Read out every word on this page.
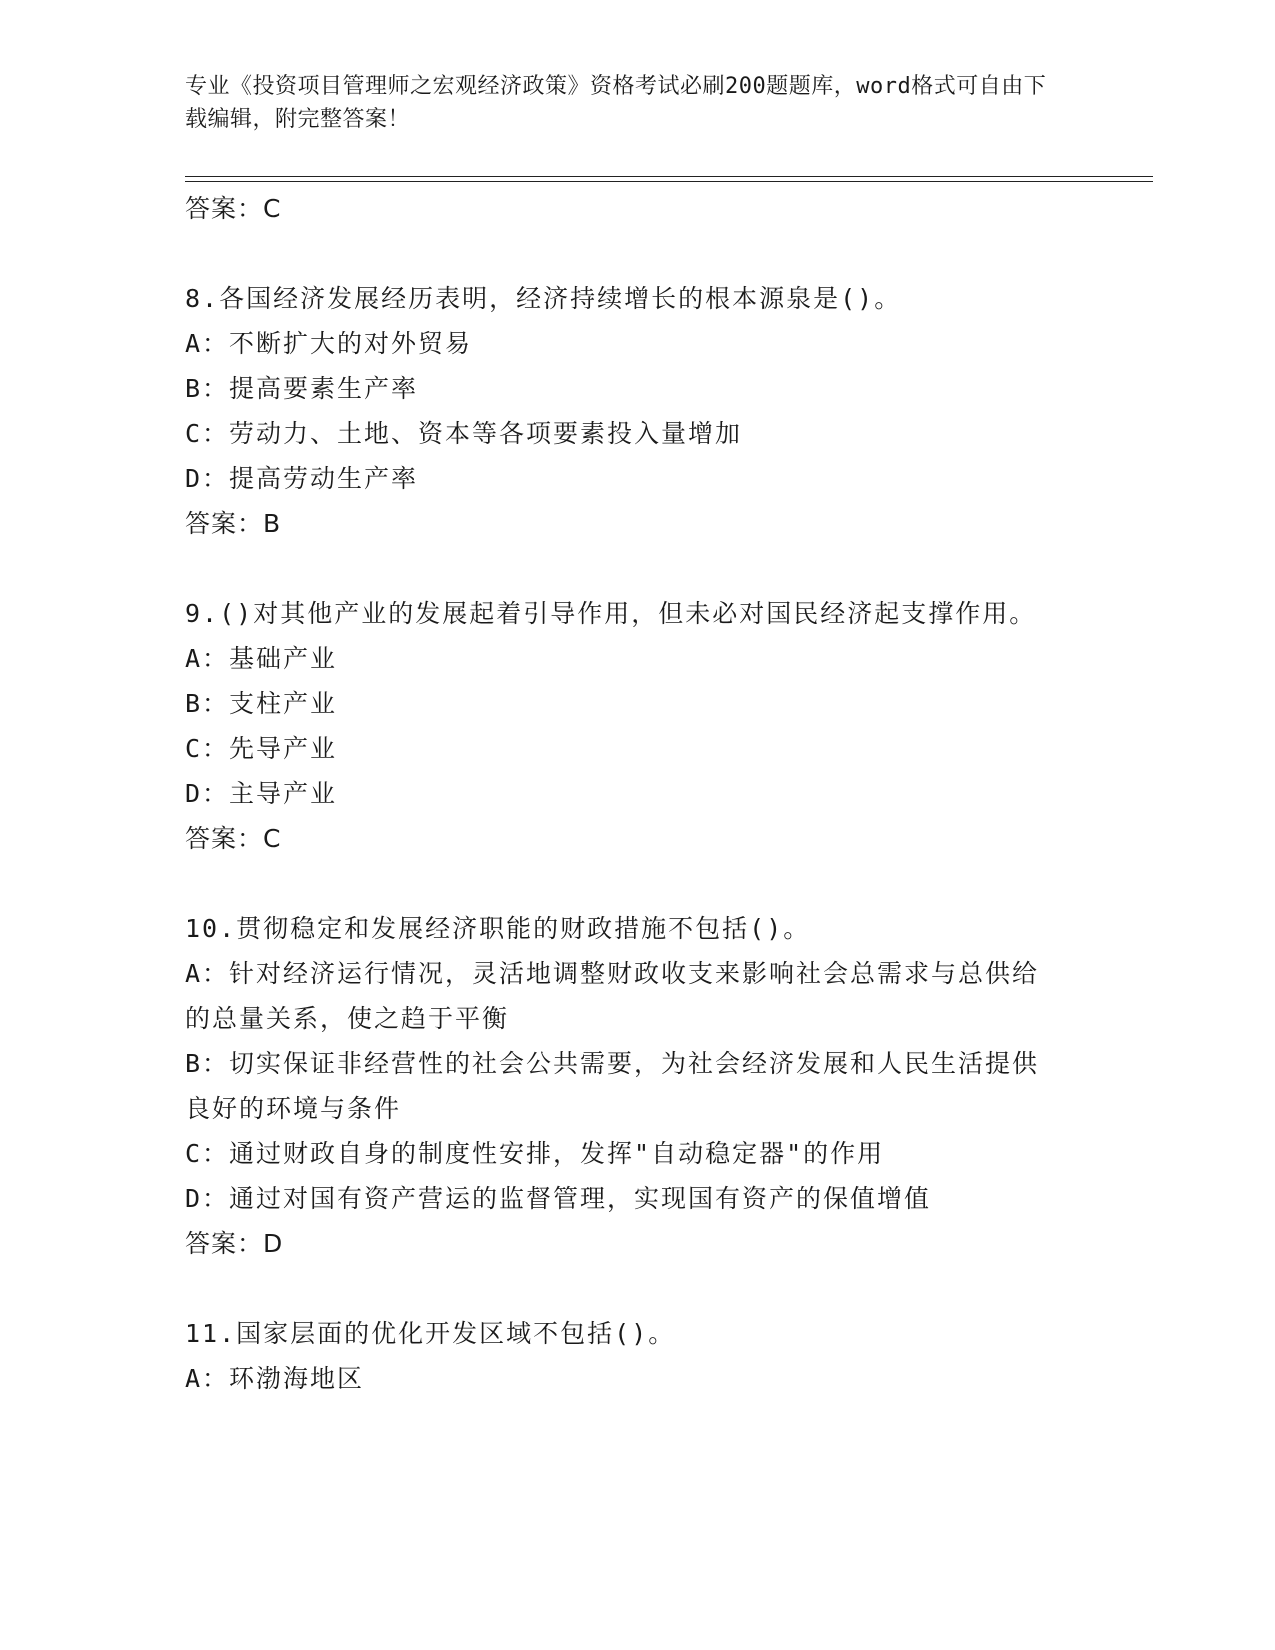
专业《投资项目管理师之宏观经济政策》资格考试必刷200题题库，word格式可自由下载编辑，附完整答案！
答案：C
8.各国经济发展经历表明，经济持续增长的根本源泉是()。
A：不断扩大的对外贸易
B：提高要素生产率
C：劳动力、土地、资本等各项要素投入量增加
D：提高劳动生产率
答案：B
9.()对其他产业的发展起着引导作用，但未必对国民经济起支撑作用。
A：基础产业
B：支柱产业
C：先导产业
D：主导产业
答案：C
10.贯彻稳定和发展经济职能的财政措施不包括()。
A：针对经济运行情况，灵活地调整财政收支来影响社会总需求与总供给的总量关系，使之趋于平衡
B：切实保证非经营性的社会公共需要，为社会经济发展和人民生活提供良好的环境与条件
C：通过财政自身的制度性安排，发挥"自动稳定器"的作用
D：通过对国有资产营运的监督管理，实现国有资产的保值增值
答案：D
11.国家层面的优化开发区域不包括()。
A：环渤海地区
